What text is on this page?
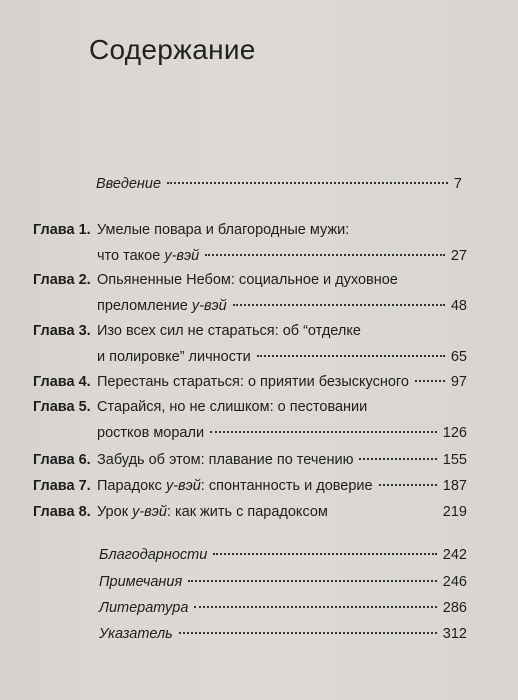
Содержание
Введение	7
Глава 1. Умелые повара и благородные мужи:
что такое у-вэй	27
Глава 2. Опьяненные Небом: социальное и духовное
преломление у-вэй	48
Глава 3. Изо всех сил не стараться: об “отделке
и полировке” личности	65
Глава 4. Перестань стараться: о приятии безыскусного	97
Глава 5. Старайся, но не слишком: о пестовании
ростков морали	126
Глава 6. Забудь об этом: плавание по течению	155
Глава 7. Парадокс у-вэй: спонтанность и доверие	187
Глава 8. Урок у-вэй: как жить с парадоксом	219
Благодарности	242
Примечания	246
Литература	286
Указатель	312
